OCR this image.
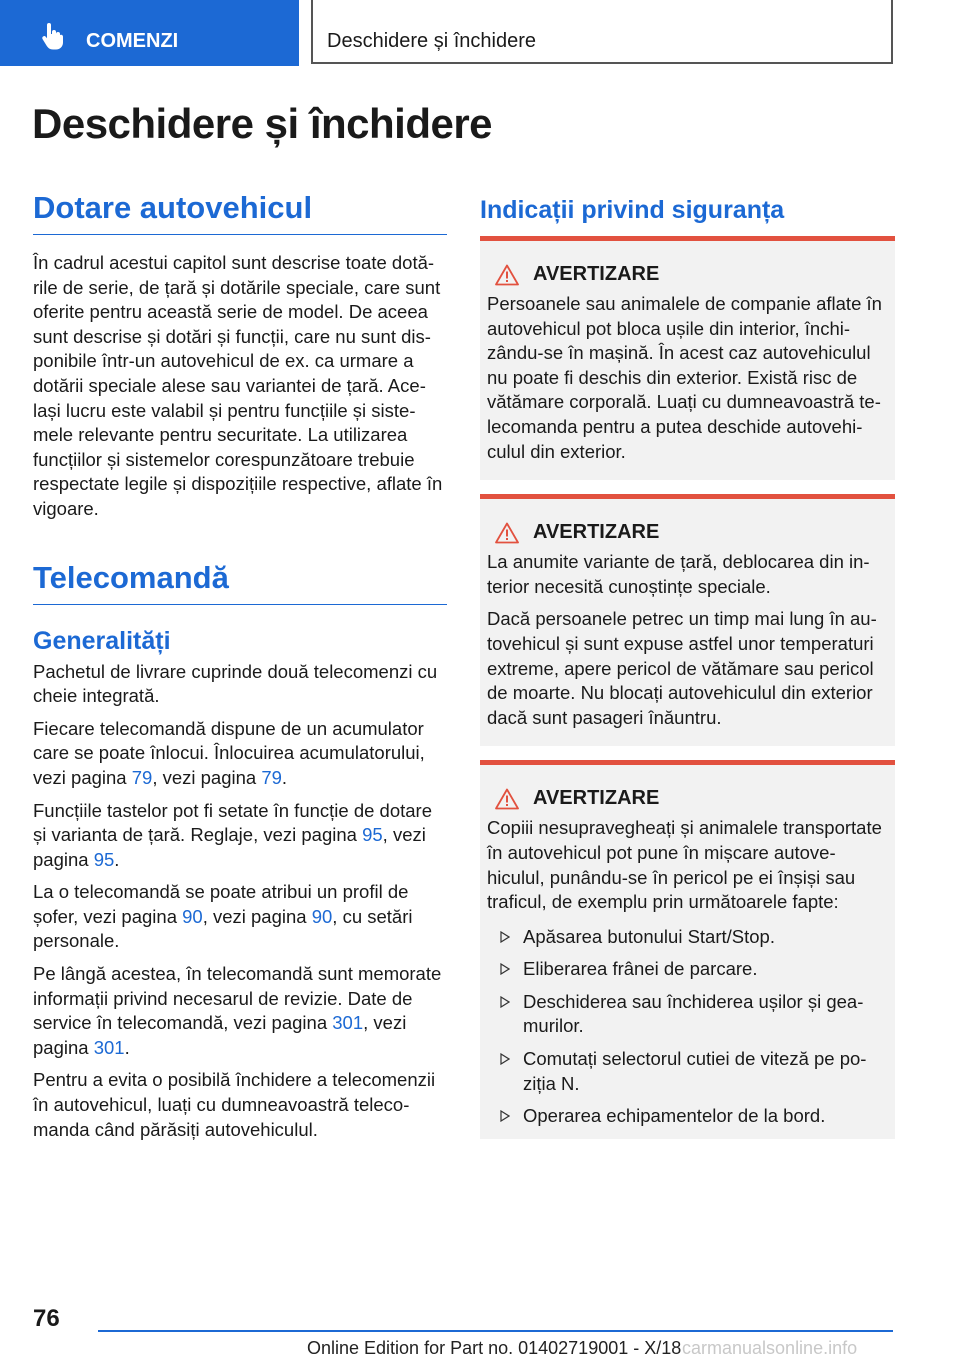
COMENZI	Deschidere și închidere
Deschidere și închidere
Dotare autovehicul

În cadrul acestui capitol sunt descrise toate dotările de serie, de țară și dotările speciale, care sunt oferite pentru această serie de model. De aceea sunt descrise și dotări și funcții, care nu sunt disponibile într-un autovehicul de ex. ca urmare a dotării speciale alese sau variantei de țară. Același lucru este valabil și pentru funcțiile și sistemele relevante pentru securitate. La utilizarea funcțiilor și sistemelor corespunzătoare trebuie respectate legile și dispozițiile respective, aflate în vigoare.

Telecomandă
Generalități

Pachetul de livrare cuprinde două telecomenzi cu cheie integrată.

Fiecare telecomandă dispune de un acumulator care se poate înlocui. Înlocuirea acumulatorului, vezi pagina 79, vezi pagina 79.

Funcțiile tastelor pot fi setate în funcție de dotare și varianta de țară. Reglaje, vezi pagina 95, vezi pagina 95.

La o telecomandă se poate atribui un profil de șofer, vezi pagina 90, vezi pagina 90, cu setări personale.

Pe lângă acestea, în telecomandă sunt memorate informații privind necesarul de revizie. Date de service în telecomandă, vezi pagina 301, vezi pagina 301.

Pentru a evita o posibilă închidere a telecomenzii în autovehicul, luați cu dumneavoastră telecomanda când părăsiți autovehiculul.

Indicații privind siguranța
AVERTIZARE

Persoanele sau animalele de companie aflate în autovehicul pot bloca ușile din interior, închizându-se în mașină. În acest caz autovehiculul nu poate fi deschis din exterior. Există risc de vătămare corporală. Luați cu dumneavoastră telecomanda pentru a putea deschide autovehiculul din exterior.

AVERTIZARE

La anumite variante de țară, deblocarea din interior necesită cunoștințe speciale.

Dacă persoanele petrec un timp mai lung în autovehicul și sunt expuse astfel unor temperaturi extreme, apere pericol de vătămare sau pericol de moarte. Nu blocați autovehiculul din exterior dacă sunt pasageri înăuntru.

AVERTIZARE

Copiii nesupravegheați și animalele transportate în autovehicul pot pune în mișcare autovehiculul, punându-se în pericol pe ei înșiși sau traficul, de exemplu prin următoarele fapte:

Apăsarea butonului Start/Stop.
Eliberarea frânei de parcare.
Deschiderea sau închiderea ușilor și geamurilor.
Comutați selectorul cutiei de viteză pe poziția N.
Operarea echipamentelor de la bord.
76
Online Edition for Part no. 01402719001 - X/18 carmanualsonline.info
